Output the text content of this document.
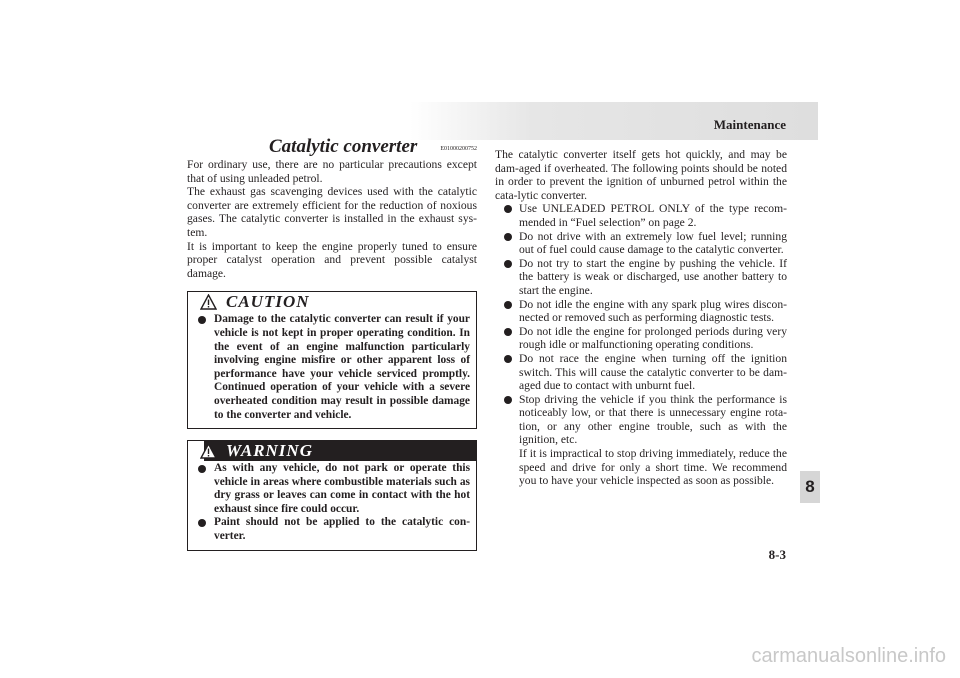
Maintenance
8
8-3
Catalytic converter	E01000200752

For ordinary use, there are no particular precautions except that of using unleaded petrol.

The exhaust gas scavenging devices used with the catalytic converter are extremely efficient for the reduction of noxious gases. The catalytic converter is installed in the exhaust sys-tem.

It is important to keep the engine properly tuned to ensure proper catalyst operation and prevent possible catalyst damage.

CAUTION
Damage to the catalytic converter can result if your vehicle is not kept in proper operating condition. In the event of an engine malfunction particularly involving engine misfire or other apparent loss of performance have your vehicle serviced promptly. Continued operation of your vehicle with a severe overheated condition may result in possible damage to the converter and vehicle.
WARNING
As with any vehicle, do not park or operate this vehicle in areas where combustible materials such as dry grass or leaves can come in contact with the hot exhaust since fire could occur.
Paint should not be applied to the catalytic con-verter.

The catalytic converter itself gets hot quickly, and may be dam-aged if overheated. The following points should be noted in order to prevent the ignition of unburned petrol within the cata-lytic converter.

Use UNLEADED PETROL ONLY of the type recom-mended in “Fuel selection” on page 2.
Do not drive with an extremely low fuel level; running out of fuel could cause damage to the catalytic converter.
Do not try to start the engine by pushing the vehicle. If the battery is weak or discharged, use another battery to start the engine.
Do not idle the engine with any spark plug wires discon-nected or removed such as performing diagnostic tests.
Do not idle the engine for prolonged periods during very rough idle or malfunctioning operating conditions.
Do not race the engine when turning off the ignition switch. This will cause the catalytic converter to be dam-aged due to contact with unburnt fuel.
Stop driving the vehicle if you think the performance is noticeably low, or that there is unnecessary engine rota-tion, or any other engine trouble, such as with the ignition, etc.

If it is impractical to stop driving immediately, reduce the speed and drive for only a short time. We recommend you to have your vehicle inspected as soon as possible.

carmanualsonline.info
